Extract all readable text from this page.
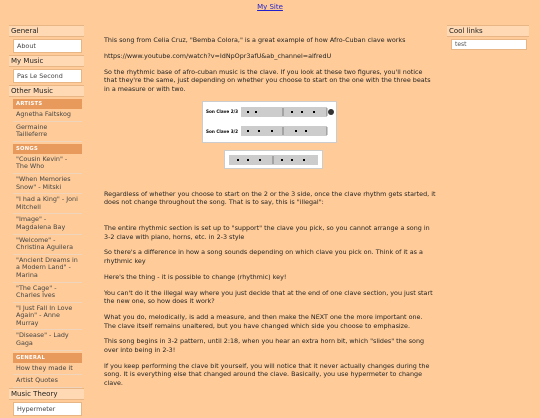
My Site
General
About
My Music
Pas Le Second
Other Music
ARTISTS
Agnetha Faltskog
Germaine Tailleferre
SONGS
"Cousin Kevin" - The Who
"When Memories Snow" - Mitski
"I had a King" - Joni Mitchell
"Image" - Magdalena Bay
"Welcome" - Christina Aguilera
"Ancient Dreams in a Modern Land" - Marina
"The Cage" - Charles Ives
"I Just Fall In Love Again" - Anne Murray
"Disease" - Lady Gaga
GENERAL
How they made it
Artist Quotes
Music Theory
Hypermeter
Cool links
test

This song from Celia Cruz, "Bemba Colora," is a great example of how Afro-Cuban clave works

https://www.youtube.com/watch?v=IdNpOpr3afU&ab_channel=alfredU

So the rhythmic base of afro-cuban music is the clave. If you look at these two figures, you'll notice that they're the same, just depending on whether you choose to start on the one with the three beats in a measure or with two.

Son Clave 2/3
Son Clave 3/2

Regardless of whether you choose to start on the 2 or the 3 side, once the clave rhythm gets started, it does not change throughout the song. That is to say, this is "illegal":

The entire rhythmic section is set up to "support" the clave you pick, so you cannot arrange a song in 3-2 clave with piano, horns, etc. in 2-3 style

So there's a difference in how a song sounds depending on which clave you pick on. Think of it as a rhythmic key

Here's the thing - it is possible to change (rhythmic) key!

You can't do it the illegal way where you just decide that at the end of one clave section, you just start the new one, so how does it work?

What you do, melodically, is add a measure, and then make the NEXT one the more important one. The clave itself remains unaltered, but you have changed which side you choose to emphasize.

This song begins in 3-2 pattern, until 2:18, when you hear an extra horn bit, which "slides" the song over into being in 2-3!

If you keep performing the clave bit yourself, you will notice that it never actually changes during the song. It is everything else that changed around the clave. Basically, you use hypermeter to change clave.
